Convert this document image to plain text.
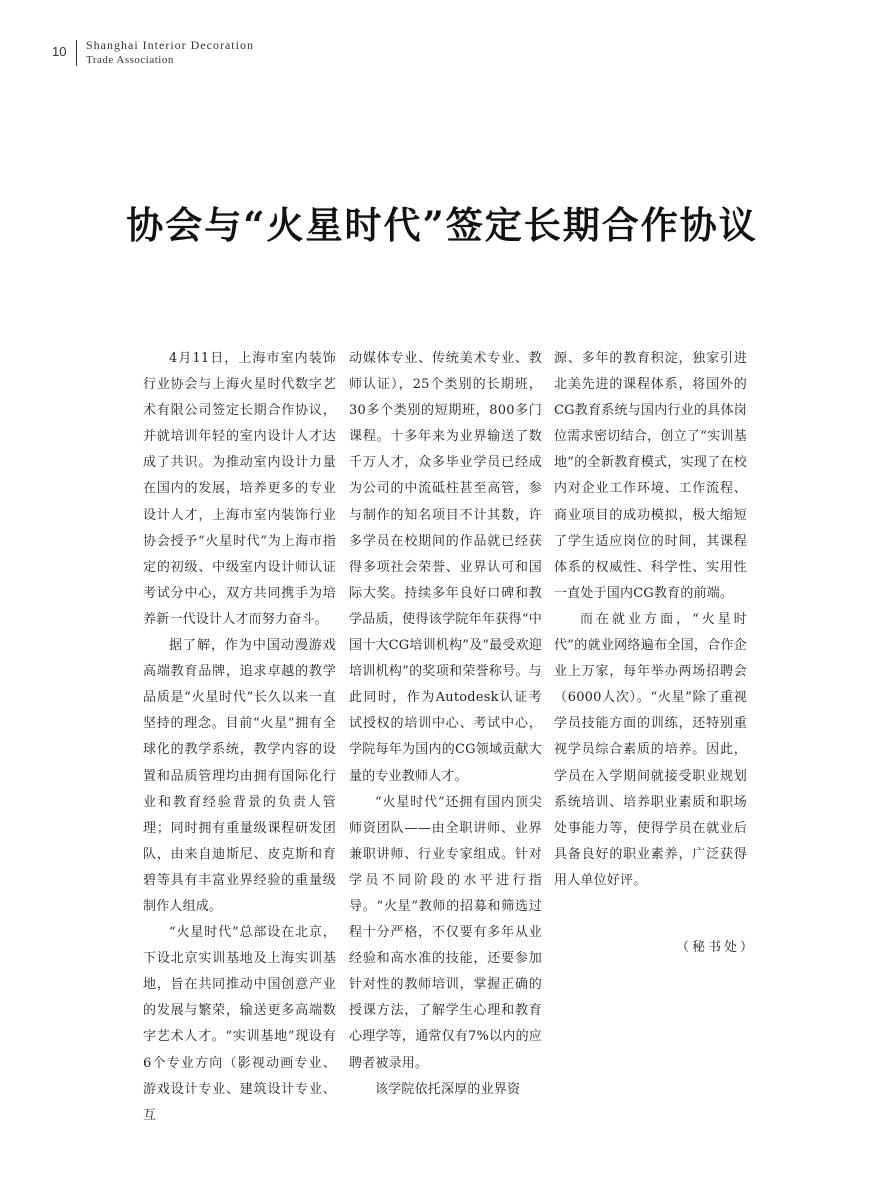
10 Shanghai Interior Decoration
Trade Association
协会与“火星时代”签定长期合作协议

4月11日，上海市室内装饰行业协会与上海火星时代数字艺术有限公司签定长期合作协议，并就培训年轻的室内设计人才达成了共识。为推动室内设计力量在国内的发展，培养更多的专业设计人才，上海市室内装饰行业协会授予“火星时代”为上海市指定的初级、中级室内设计师认证考试分中心，双方共同携手为培养新一代设计人才而努力奋斗。

据了解，作为中国动漫游戏高端教育品牌，追求卓越的教学品质是“火星时代”长久以来一直坚持的理念。目前“火星”拥有全球化的教学系统，教学内容的设置和品质管理均由拥有国际化行业和教育经验背景的负责人管理；同时拥有重量级课程研发团队，由来自迪斯尼、皮克斯和育碧等具有丰富业界经验的重量级制作人组成。

“火星时代”总部设在北京，下设北京实训基地及上海实训基地，旨在共同推动中国创意产业的发展与繁荣，输送更多高端数字艺术人才。“实训基地”现设有6个专业方向（影视动画专业、游戏设计专业、建筑设计专业、互

动媒体专业、传统美术专业、教师认证），25个类别的长期班，30多个类别的短期班，800多门课程。十多年来为业界输送了数千万人才，众多毕业学员已经成为公司的中流砥柱甚至高管，参与制作的知名项目不计其数，许多学员在校期间的作品就已经获得多项社会荣誉、业界认可和国际大奖。持续多年良好口碑和教学品质，使得该学院年年获得“中国十大CG培训机构”及“最受欢迎培训机构”的奖项和荣誉称号。与此同时，作为Autodesk认证考试授权的培训中心、考试中心，学院每年为国内的CG领域贡献大量的专业教师人才。

“火星时代”还拥有国内顶尖师资团队——由全职讲师、业界兼职讲师、行业专家组成。针对学员不同阶段的水平进行指导。“火星”教师的招募和筛选过程十分严格，不仅要有多年从业经验和高水准的技能，还要参加针对性的教师培训，掌握正确的授课方法，了解学生心理和教育心理学等，通常仅有7%以内的应聘者被录用。

该学院依托深厚的业界资

源、多年的教育积淀，独家引进北美先进的课程体系，将国外的CG教育系统与国内行业的具体岗位需求密切结合，创立了“实训基地”的全新教育模式，实现了在校内对企业工作环境、工作流程、商业项目的成功模拟，极大缩短了学生适应岗位的时间，其课程体系的权威性、科学性、实用性一直处于国内CG教育的前端。

而在就业方面，“火星时代”的就业网络遍布全国，合作企业上万家，每年举办两场招聘会（6000人次）。“火星”除了重视学员技能方面的训练，还特别重视学员综合素质的培养。因此，学员在入学期间就接受职业规划系统培训、培养职业素质和职场处事能力等，使得学员在就业后具备良好的职业素养，广泛获得用人单位好评。

（秘书处）
